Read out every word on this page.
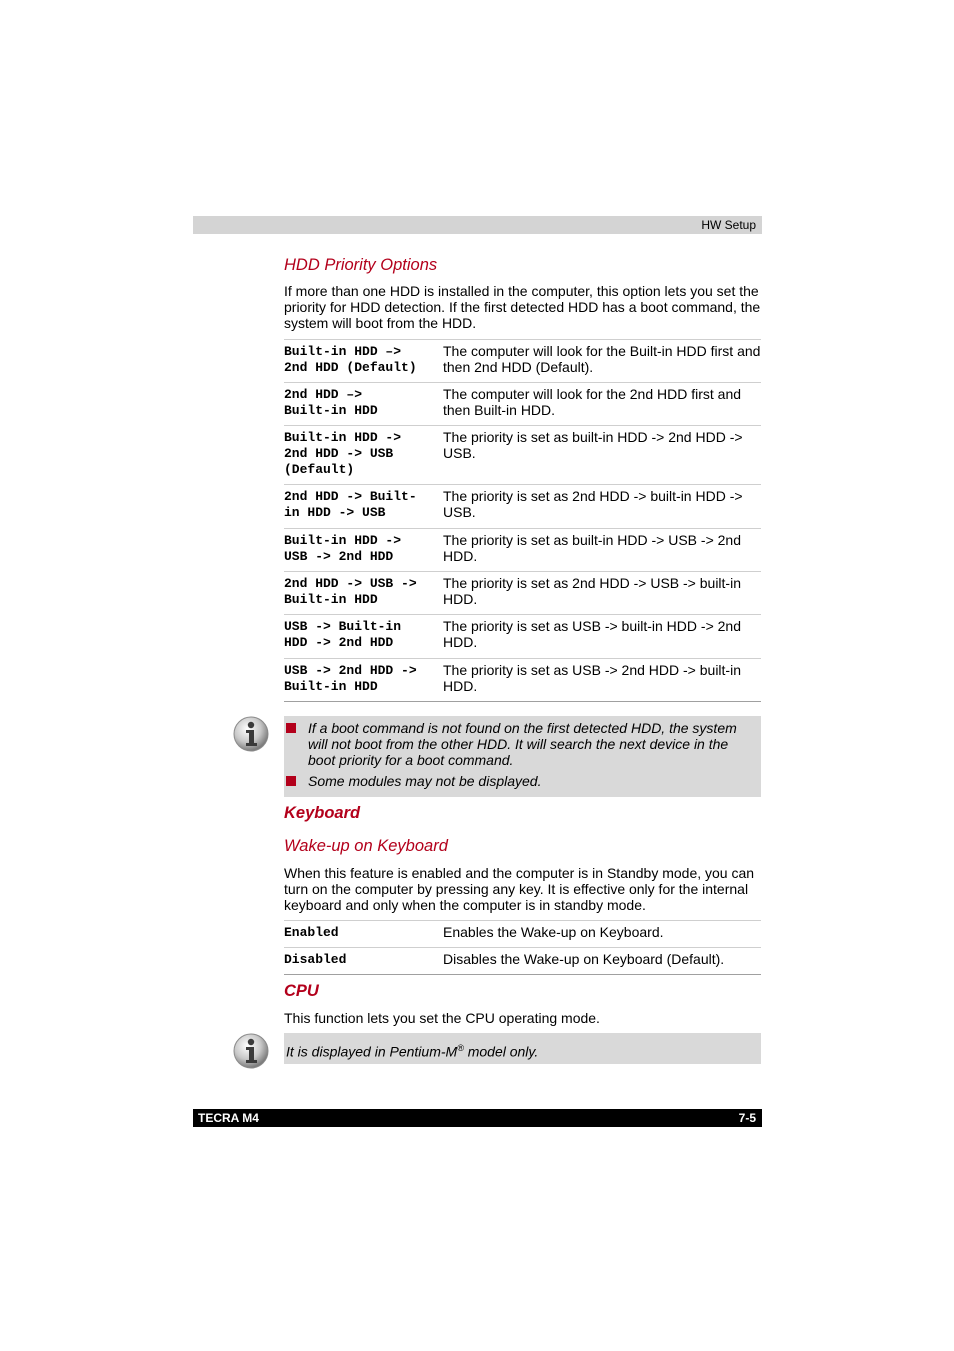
HW Setup
HDD Priority Options
If more than one HDD is installed in the computer, this option lets you set the priority for HDD detection. If the first detected HDD has a boot command, the system will boot from the HDD.
Built-in HDD –>
2nd HDD (Default)	The computer will look for the Built-in HDD first and then 2nd HDD (Default).
2nd HDD –>
Built-in HDD	The computer will look for the 2nd HDD first and then Built-in HDD.
Built-in HDD ->
2nd HDD -> USB
(Default)	The priority is set as built-in HDD -> 2nd HDD -> USB.
2nd HDD -> Built-
in HDD -> USB	The priority is set as 2nd HDD -> built-in HDD -> USB.
Built-in HDD ->
USB -> 2nd HDD	The priority is set as built-in HDD -> USB -> 2nd HDD.
2nd HDD -> USB ->
Built-in HDD	The priority is set as 2nd HDD -> USB -> built-in HDD.
USB -> Built-in
HDD -> 2nd HDD	The priority is set as USB -> built-in HDD -> 2nd HDD.
USB -> 2nd HDD ->
Built-in HDD	The priority is set as USB -> 2nd HDD -> built-in HDD.
If a boot command is not found on the first detected HDD, the system will not boot from the other HDD. It will search the next device in the boot priority for a boot command.
Some modules may not be displayed.
Keyboard
Wake-up on Keyboard
When this feature is enabled and the computer is in Standby mode, you can turn on the computer by pressing any key. It is effective only for the internal keyboard and only when the computer is in standby mode.
Enabled	Enables the Wake-up on Keyboard.
Disabled	Disables the Wake-up on Keyboard (Default).
CPU
This function lets you set the CPU operating mode.
It is displayed in Pentium-M® model only.
TECRA M4	7-5
